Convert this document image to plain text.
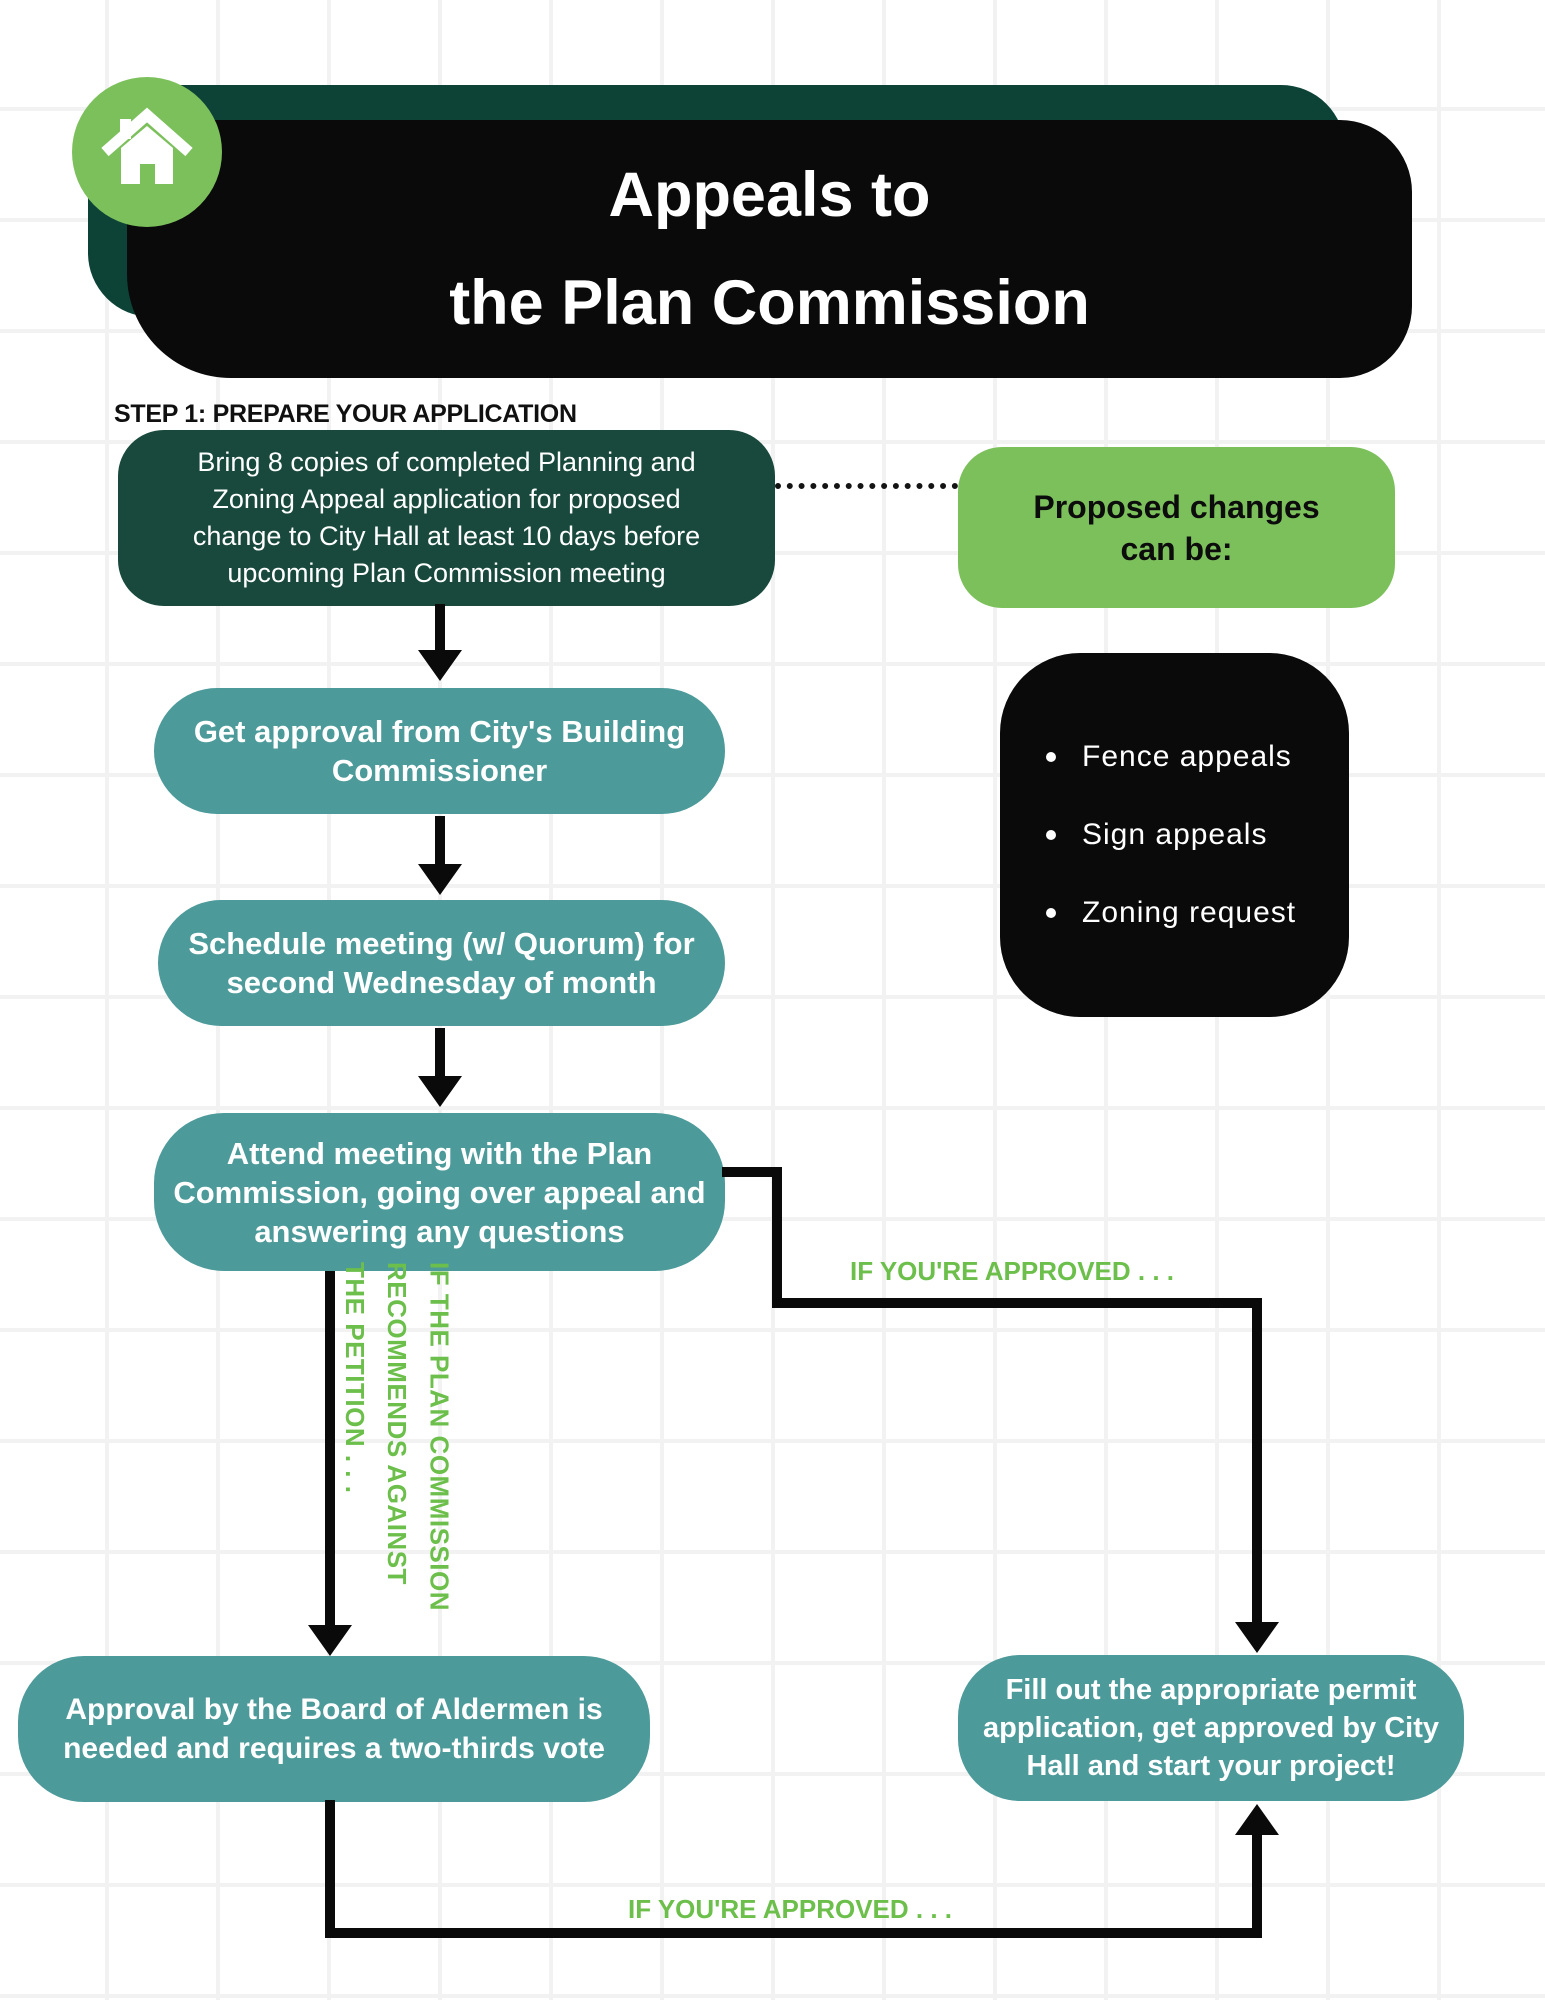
Appeals to
the Plan Commission
STEP 1: PREPARE YOUR APPLICATION
Bring 8 copies of completed Planning and
Zoning Appeal application for proposed
change to City Hall at least 10 days before
upcoming Plan Commission meeting
Proposed changes
can be:
Fence appeals
Sign appeals
Zoning request
Get approval from City's Building
Commissioner
Schedule meeting (w/ Quorum) for
second Wednesday of month
Attend meeting with the Plan
Commission, going over appeal and
answering any questions
IF THE PLAN COMMISSION
RECOMMENDS AGAINST
THE PETITION . . .	IF YOU'RE APPROVED . . .
Approval by the Board of Aldermen is
needed and requires a two-thirds vote
Fill out the appropriate permit
application, get approved by City
Hall and start your project!
IF YOU'RE APPROVED . . .
